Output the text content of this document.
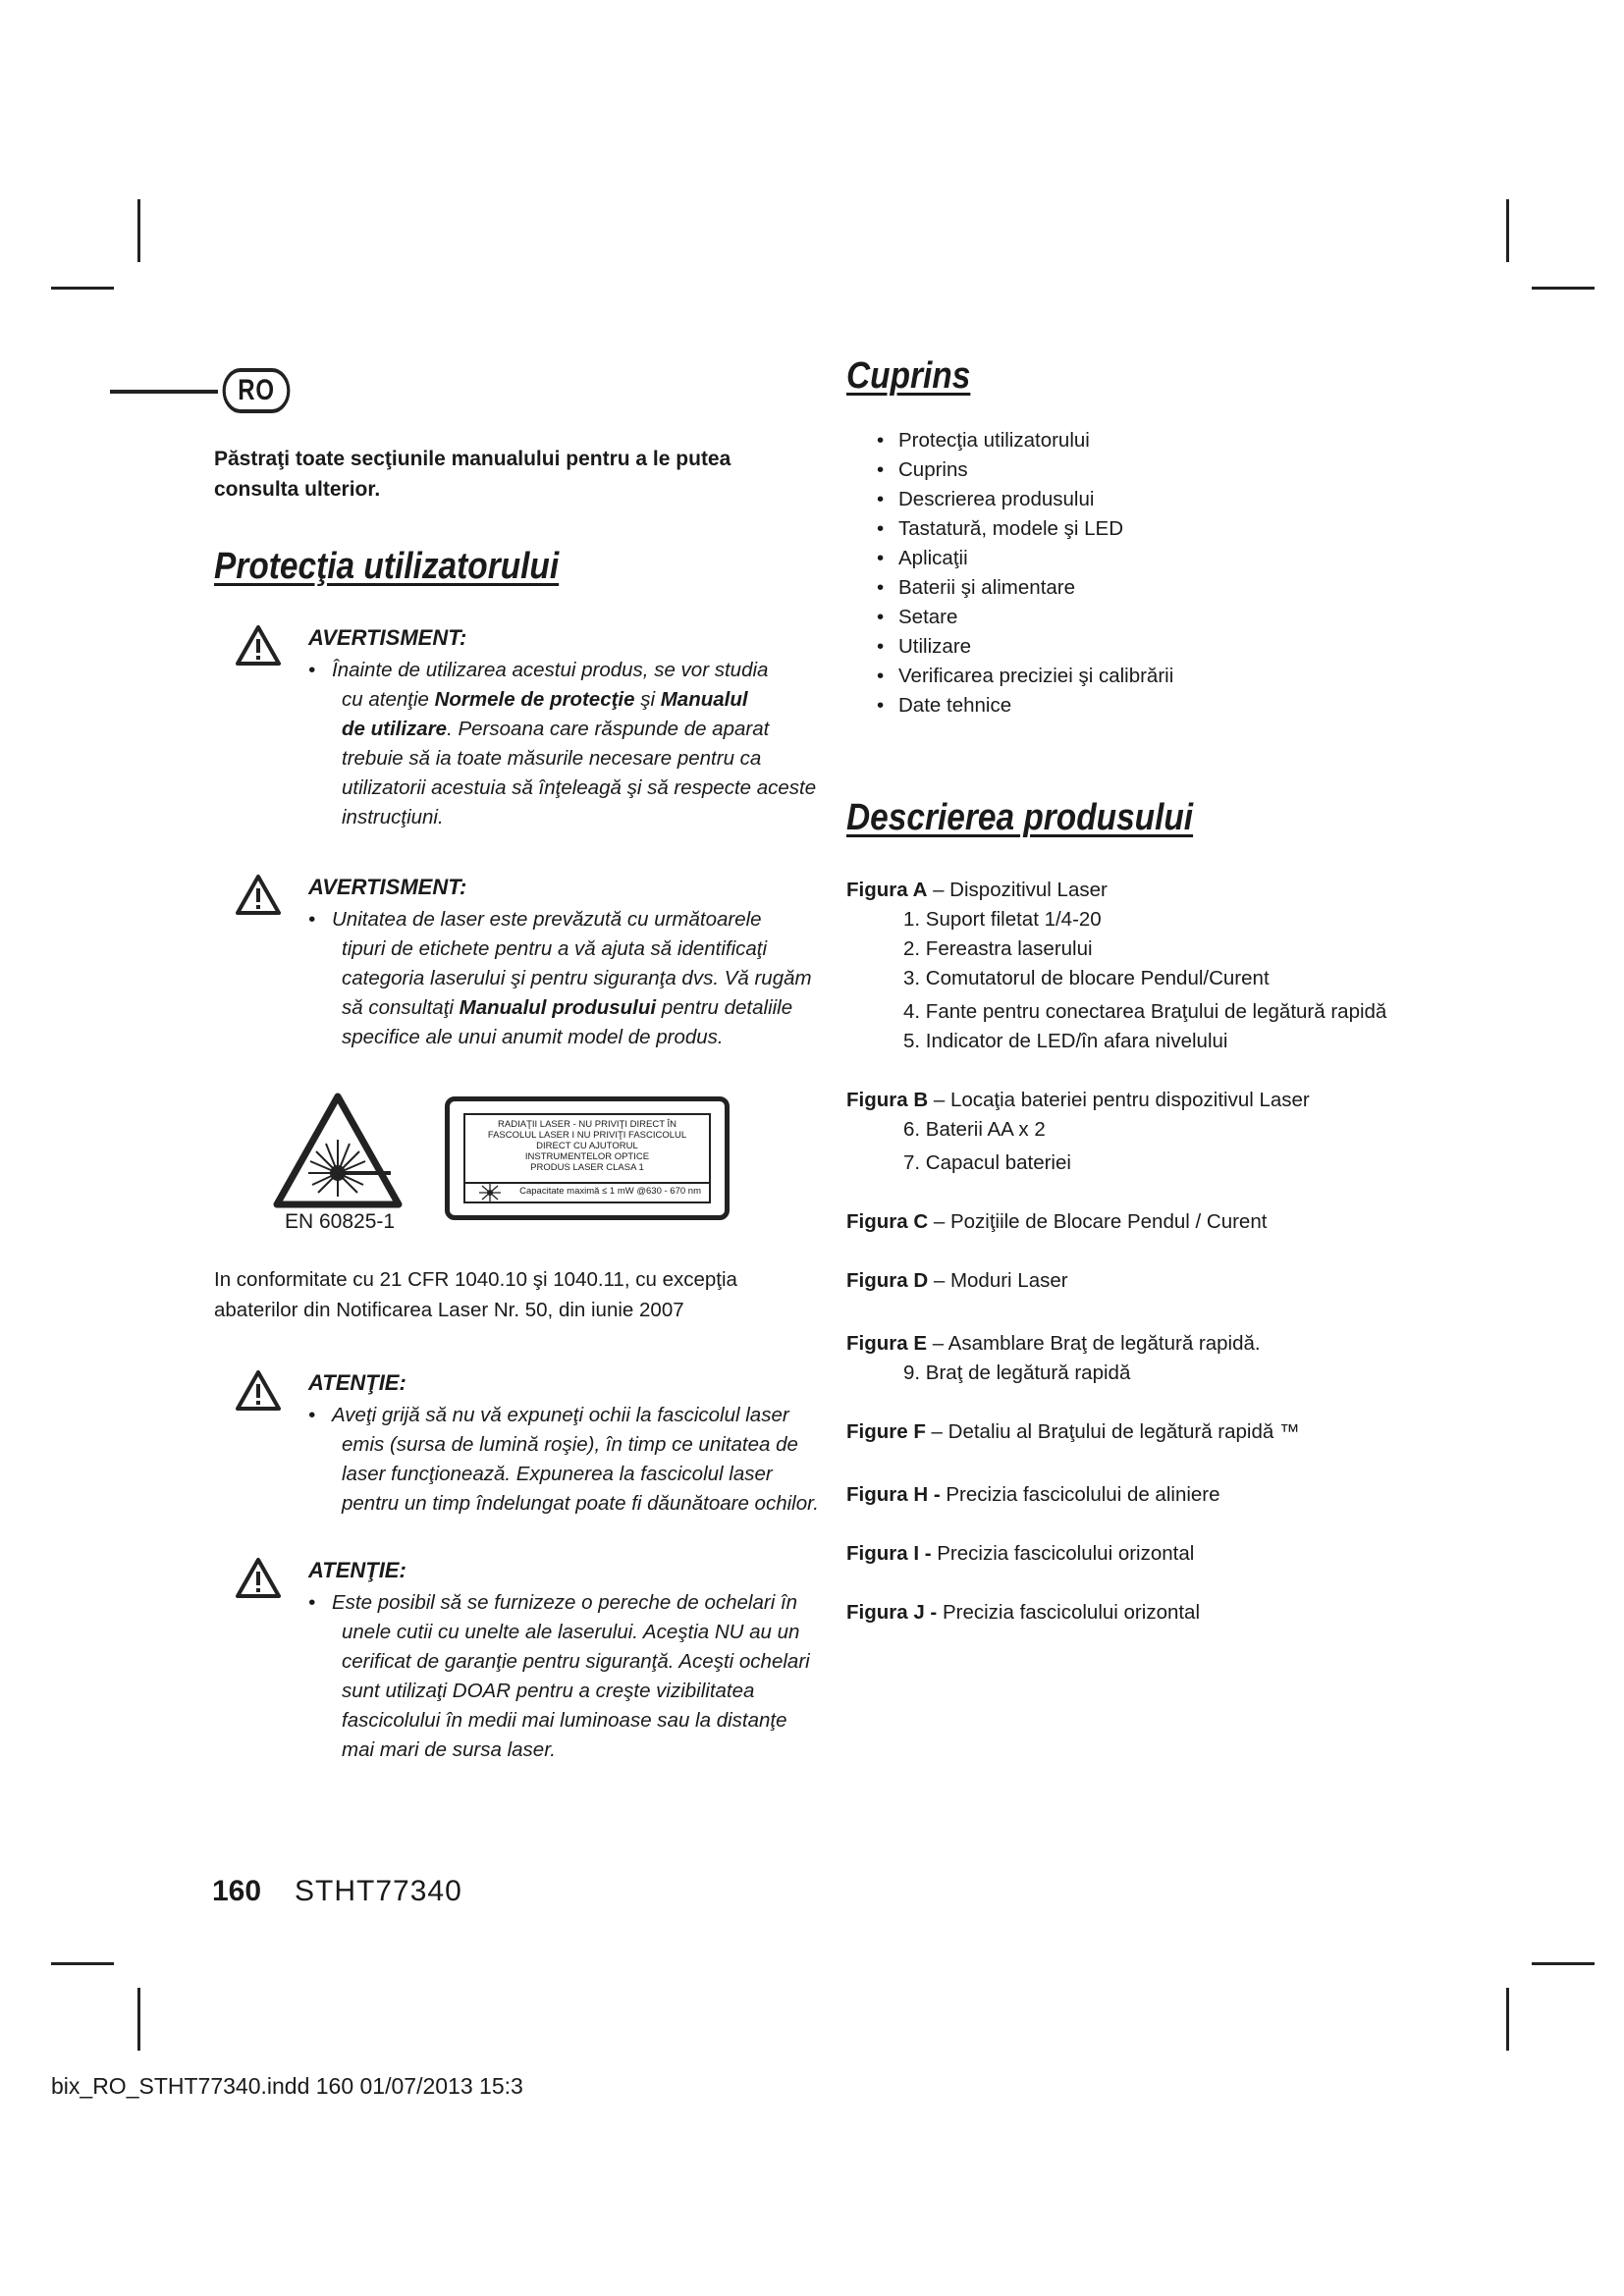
RO
Păstraţi toate secţiunile manualului pentru a le putea consulta ulterior.
Protecţia utilizatorului
AVERTISMENT:
• Înainte de utilizarea acestui produs, se vor studia
cu atenţie Normele de protecţie şi Manualul
de utilizare. Persoana care răspunde de aparat
trebuie să ia toate măsurile necesare pentru ca
utilizatorii acestuia să înţeleagă şi să respecte aceste
instrucţiuni.
AVERTISMENT:
• Unitatea de laser este prevăzută cu următoarele
tipuri de etichete pentru a vă ajuta să identificaţi
categoria laserului şi pentru siguranţa dvs. Vă rugăm
să consultaţi Manualul produsului pentru detaliile
specifice ale unui anumit model de produs.
EN 60825-1
RADIAŢII LASER - NU PRIVIŢI DIRECT ÎN
FASCOLUL LASER I NU PRIVIŢI FASCICOLUL
DIRECT CU AJUTORUL
INSTRUMENTELOR OPTICE
PRODUS LASER CLASA 1
Capacitate maximă ≤ 1 mW @630 - 670 nm
In conformitate cu 21 CFR 1040.10 şi 1040.11, cu excepţia abaterilor din Notificarea Laser Nr. 50, din iunie 2007
ATENŢIE:
• Aveţi grijă să nu vă expuneţi ochii la fascicolul laser
emis (sursa de lumină roşie), în timp ce unitatea de
laser funcţionează. Expunerea la fascicolul laser
pentru un timp îndelungat poate fi dăunătoare ochilor.
ATENŢIE:
• Este posibil să se furnizeze o pereche de ochelari în
unele cutii cu unelte ale laserului. Aceştia NU au un
cerificat de garanţie pentru siguranţă. Aceşti ochelari
sunt utilizaţi DOAR pentru a creşte vizibilitatea
fascicolului în medii mai luminoase sau la distanţe
mai mari de sursa laser.
Cuprins
• Protecţia utilizatorului
• Cuprins
• Descrierea produsului
• Tastatură, modele şi LED
• Aplicaţii
• Baterii şi alimentare
• Setare
• Utilizare
• Verificarea preciziei şi calibrării
• Date tehnice
Descrierea produsului
Figura A – Dispozitivul Laser
1. Suport filetat 1/4-20
2. Fereastra laserului
3. Comutatorul de blocare Pendul/Curent
4. Fante pentru conectarea Braţului de legătură rapidă
5. Indicator de LED/în afara nivelului
Figura B – Locaţia bateriei pentru dispozitivul Laser
6. Baterii AA x 2
7. Capacul bateriei
Figura C – Poziţiile de Blocare Pendul / Curent
Figura D – Moduri Laser
Figura E – Asamblare Braţ de legătură rapidă.
9. Braţ de legătură rapidă
Figure F – Detaliu al Braţului de legătură rapidă ™
Figura H - Precizia fascicolului de aliniere
Figura I - Precizia fascicolului orizontal
Figura J - Precizia fascicolului orizontal
160 STHT77340
bix_RO_STHT77340.indd 160 01/07/2013 15:3
